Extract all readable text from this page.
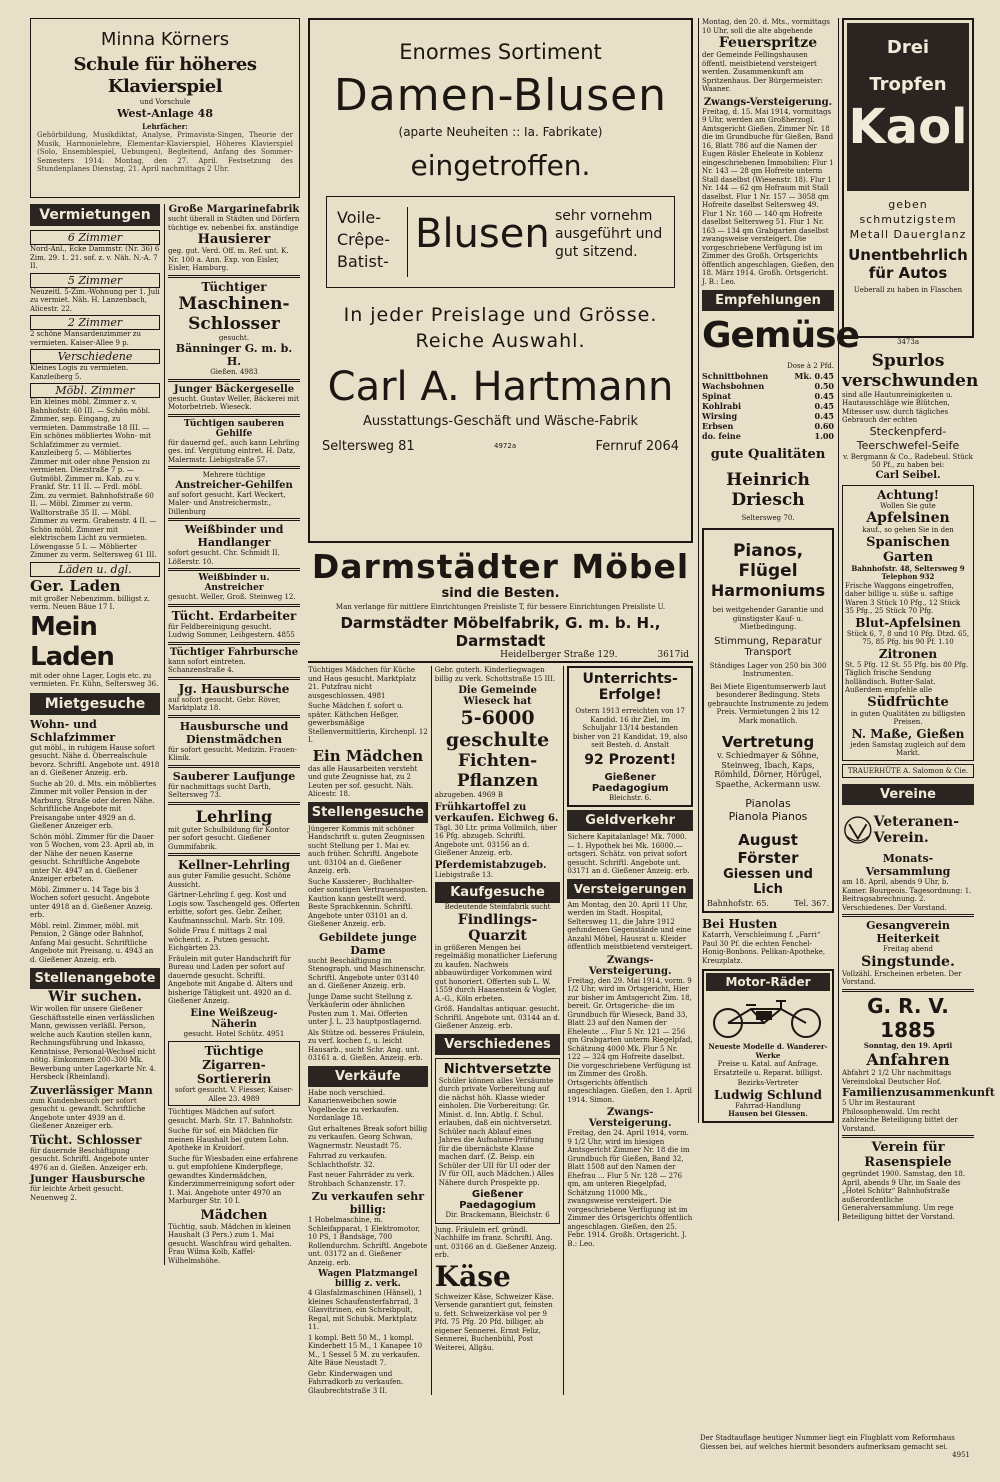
Minna Körners
Schule für höheres Klavierspiel
und Vorschule
West-Anlage 48
Lehrfächer:
Gehörbildung, Musikdiktat, Analyse, Primavista-Singen, Theorie der Musik, Harmonielehre, Elementar-Klavierspiel, Höheres Klavierspiel (Solo, Ensemblespiel, Uebungen), Begleitend, Anfang des Sommer-Semesters 1914: Montag, den 27. April. Festsetzung des Stundenplanes Dienstag, 21. April nachmittags 2 Uhr.
Vermietungen
6 Zimmer

Nord-Anl., Ecke Dammstr. (Nr. 36) 6 Zim. 29. 1. 21. sof. z. v. Näh. N.-A. 7 II.

5 Zimmer

Neuzeitl. 5-Zim.-Wohnung per 1. Juli zu vermiet. Näh. H. Lanzenbach, Alicestr. 22.

2 Zimmer

2 schöne Mansardenzimmer zu vermieten. Kaiser-Allee 9 p.

Verschiedene

Kleines Logis zu vermieten. Kanzleiberg 5.

Möbl. Zimmer

Ein kleines möbl. Zimmer z. v. Bahnhofstr. 60 III. — Schön möbl. Zimmer, sep. Eingang, zu vermieten. Dammstraße 18 III. — Ein schönes möbliertes Wohn- mit Schlafzimmer zu vermiet. Kanzleiberg 5. — Möbliertes Zimmer mit oder ohne Pension zu vermieten. Diezstraße 7 p. — Gutmöbl. Zimmer m. Kab. zu v. Frankf. Str. 11 II. — Frdl. möbl. Zim. zu vermiet. Bahnhofstraße 60 II. — Möbl. Zimmer zu verm. Walltorstraße 35 II. — Möbl. Zimmer zu verm. Grabenstr. 4 II. — Schön möbl. Zimmer mit elektrischem Licht zu vermieten. Löwengasse 5 I. — Möblierter Zimmer zu verm. Seltersweg 61 III.

Läden u. dgl.
Ger. Laden

mit großer Nebenzimm. billigst z. verm. Neuen Bäue 17 I.

Mein Laden

mit oder ohne Lager, Logis etc. zu vermieten. Fr. Kühn, Seltersweg 36.

Mietgesuche
Wohn- und Schlafzimmer

gut möbl., in ruhigem Hause sofort gesucht. Nähe d. Oberrealschule bevorz. Schriftl. Angebote unt. 4918 an d. Gießener Anzeig. erb.

Suche ab 20. d. Mts. ein möbliertes Zimmer mit voller Pension in der Marburg. Straße oder deren Nähe. Schriftliche Angebote mit Preisangabe unter 4929 an d. Gießener Anzeiger erb.

Schön möbl. Zimmer für die Dauer von 5 Wochen, vom 23. April ab, in der Nähe der neuen Kaserne gesucht. Schriftliche Angebote unter Nr. 4947 an d. Gießener Anzeiger erbeten.

Möbl. Zimmer u. 14 Tage bis 3 Wochen sofort gesucht. Angebote unter 4918 an d. Gießener Anzeig. erb.

Möbl. reinl. Zimmer, möbl. mit Pension, 2 Gänge oder Bahnhof, Anfang Mai gesucht. Schriftliche Angebote mit Preisang. u. 4943 an d. Gießener Anzeig. erb.

Stellenangebote
Wir suchen.

Wir wollen für unsere Gießener Geschäftsstelle einen verlässlichen Mann, gewissen verläßl. Person, welche auch Kaution stellen kann, Rechnungsführung und Inkasso, Kenntnisse, Personal-Wechsel nicht nötig. Einkommen 200–300 Mk. Bewerbung unter Lagerkarte Nr. 4. Hersbeck (Rheinland).

Zuverlässiger Mann

zum Kundenbesuch per sofort gesucht u. gewandt. Schriftliche Angebote unter 4939 an d. Gießener Anzeiger erb.

Tücht. Schlosser

für dauernde Beschäftigung gesucht. Schriftl. Angebote unter 4976 an d. Gießen. Anzeiger erb.

Junger Hausbursche

für leichte Arbeit gesucht. Neuenweg 2.

Große Margarinefabrik

sucht überall in Städten und Dörfern tüchtige ev. nebenbei fix. anständige

Hausierer

geg. gut. Verd. Off. m. Ref. unt. K. Nr. 100 a. Ann. Exp. von Eisler, Eisler, Hamburg.

Tüchtiger
Maschinen-Schlosser

gesucht.

Bänninger G. m. b. H.

Gießen. 4983

Junger Bäckergeselle

gesucht. Gustav Weller, Bäckerei mit Motorbetrieb. Wieseck.

Tüchtigen sauberen Gehilfe

für dauernd gef., auch kann Lehrling ges. inf. Vergütung eintret. H. Datz, Malermstr. Liebigstraße 57.

Mehrere tüchtige

Anstreicher-Gehilfen

auf sofort gesucht. Karl Weckert, Maler- und Anstreichermstr., Dillenburg

Weißbinder und Handlanger

sofort gesucht. Chr. Schmidt II, Lößerstr. 10.

Weißbinder u. Anstreicher

gesucht. Weller, Groß. Steinweg 12.

Tücht. Erdarbeiter

für Feldbereinigung gesucht. Ludwig Sommer, Leihgestern. 4855

Tüchtiger Fahrbursche

kann sofort eintreten. Schanzenstraße 4.

Jg. Hausbursche

auf sofort gesucht. Gebr. Röver, Marktplatz 18.

Hausbursche und Dienstmädchen

für sofort gesucht. Medizin. Frauen-Klinik.

Sauberer Laufjunge

für nachmittags sucht Darth, Seltersweg 73.

Lehrling

mit guter Schulbildung für Kontor per sofort gesucht. Gießener Gummifabrik.

Kellner-Lehrling

aus guter Familie gesucht. Schöne Aussicht.

Gärtner-Lehrling f. geg. Kost und Logis sow. Taschengeld ges. Offerten erbitte, sofort ges. Gebr. Zeiher, Kaufmannsschul. Marb. Str. 109.

Solide Frau f. mittags 2 mal wöchentl. z. Putzen gesucht. Eichgärten 23.

Fräulein mit guter Handschrift für Bureau und Laden per sofort auf dauernde gesucht. Schriftl. Angebote mit Angabe d. Alters und bisherige Tätigkeit unt. 4920 an d. Gießener Anzeig.

Eine Weißzeug-Näherin

gesucht. Hotel Schütz. 4951

Tüchtige Zigarren-Sortiererin

sofort gesucht. V. Fiesser, Kaiser-Allee 23. 4989

Tüchtiges Mädchen auf sofort gesucht. Marb. Str. 17. Bahnhofstr.

Suche für sof. ein Mädchen für meinen Haushalt bei gutem Lohn. Apotheke in Kroidorf.

Suche für Wiesbaden eine erfahrene u. gut empfohlene Kinderpflege, gewandtes Kindermädchen, Kinderzimmerreinigung sofort oder 1. Mai. Angebote unter 4970 an Marburger Str. 10 I.

Mädchen

Tüchtig, saub. Mädchen in kleinen Haushalt (3 Pers.) zum 1. Mai gesucht. Waschfrau wird gehalten. Frau Wilma Kolb, Kaffel-Wilhelmshöhe.

Enormes Sortiment
Damen-Blusen
(aparte Neuheiten :: Ia. Fabrikate)
eingetroffen.
Voile-
Crêpe-
Batist-
Blusen sehr vornehm ausgeführt und gut sitzend.
In jeder Preislage und Grösse.
Reiche Auswahl.
Carl A. Hartmann
Ausstattungs-Geschäft und Wäsche-Fabrik
Seltersweg 81	4972a	Fernruf 2064
Darmstädter Möbel
sind die Besten.
Man verlange für mittlere Einrichtungen Preisliste T, für bessere Einrichtungen Preisliste U.
Darmstädter Möbelfabrik, G. m. b. H., Darmstadt
Heidelberger Straße 129.	3617id

Tüchtiges Mädchen für Küche und Haus gesucht. Marktplatz 21. Putzfrau nicht ausgeschlossen. 4981

Suche Mädchen f. sofort u. später. Käthchen Heßger, gewerbsmäßige Stellenvermittlerin, Kirchenpl. 12 I.

Ein Mädchen

das alle Hausarbeiten versteht und gute Zeugnisse hat, zu 2 Leuten per sof. gesucht. Näh. Alicestr. 18.

Stellengesuche

Jüngerer Kommis mit schöner Handschrift u. guten Zeugnissen sucht Stellung per 1. Mai ev. auch früher. Schriftl. Angebote unt. 03104 an d. Gießener Anzeig. erb.

Suche Kassierer-, Buchhalter- oder sonstigen Vertrauensposten. Kaution kann gestellt werd. Beste Sprachkennin. Schriftl. Angebote unter 03101 an d. Gießener Anzeig. erb.

Gebildete junge Dame

sucht Beschäftigung im Stenograph. und Maschinenschr. Schriftl. Angebote unter 03140 an d. Gießener Anzeig. erb.

Junge Dame sucht Stellung z. Verkäuferin oder ähnlichen Posten zum 1. Mai. Offerten unter J. L. 23 hauptpostlagernd.

Als Stütze od. besseres Fräulein, zu verf. kochen f., u. leicht Hausarb., sucht Schr. Ang. unt. 03161 a. d. Gießen. Anzeig. erb.

Verkäufe

Habe noch verschied. Kanarienweibchen sowie Vogelbecke zu verkaufen. Nordanlage 18.

Gut erhaltenes Break sofort billig zu verkaufen. Georg Schwan, Wagnermstr. Neustadt 75.

Fahrrad zu verkaufen. Schlachthofstr. 32.

Fast neuer Fahrräder zu verk. Strohbach Schanzenstr. 17.

Zu verkaufen sehr billig:

1 Hobelmaschine, m. Schleifapparat, 1 Elektromotor, 10 PS, 1 Bandsäge, 700 Rollendurchm. Schriftl. Angebote unt. 03172 an d. Gießener Anzeig. erb.

Wagen Platzmangel billig z. verk.

4 Glasfalzmaschinen (Hänsel), 1 kleines Schaufensterfahrrad, 3 Glasvitrinen, ein Schreibpult, Regal, mit Schubk. Marktplatz 11.

1 kompl. Bett 50 M., 1 kompl. Kinderbett 15 M., 1 Kanapee 10 M., 1 Sessel 5 M. zu verkaufen. Alte Bäue Neustadt 7.

Gebr. Kinderwagen und Fahrradkorb zu verkaufen. Glaubrechtstraße 3 II.

Gebr. guterh. Kinderliegwagen billig zu verk. Schottstraße 15 III.

Die Gemeinde Wieseck hat
5-6000 geschulte
Fichten-Pflanzen

abzugeben. 4969 B

Frühkartoffel zu verkaufen. Eichweg 6.

Tägl. 30 Ltr. prima Vollmilch, über 16 Pfg. abzugeb. Schriftl. Angebote unt. 03156 an d. Gießener Anzeig. erb.

Pferdemistabzugeb.

Liebigstraße 13.

Kaufgesuche

Bedeutende Steinfabrik sucht

Findlings-Quarzit

in größeren Mengen bei regelmäßig monatlicher Lieferung zu kaufen. Nachweis abbauwürdiger Vorkommen wird gut honoriert. Offerten sub L. W. 1559 durch Haasenstein & Vogler, A.-G., Köln erbeten.

Größ. Handaltas antiquar. gesucht. Schriftl. Angebote unt. 03144 an d. Gießener Anzeig. erb.

Verschiedenes
Nichtversetzte

Schüler können alles Versäumte durch private Vorbereitung auf die nächst höh. Klasse wieder einholen. Die Vorbereitung: Gr. Minist. d. Inn. Abtlg. f. Schul. erlauben, daß ein nichtversetzt. Schüler nach Ablauf eines Jahres die Aufnahme-Prüfung für die übernächste Klasse machen darf. (Z. Beisp. ein Schüler der UII für UI oder der IV für OII, auch Mädchen.) Alles Nähere durch Prospekte pp.

Gießener Paedagogium

Dir. Brackemann, Bleichstr. 6

Jung. Fräulein erf. gründl. Nachhilfe im franz. Schriftl. Ang. unt. 03166 an d. Gießener Anzeig. erb.

Käse

Schweizer Käse, Schweizer Käse. Versende garantiert gut, feinsten u. fett. Schweizerkäse vol per 9 Pfd. 75 Pfg. 20 Pfd. billiger, ab eigener Sennerei. Ernst Feliz, Sennerei, Buchenbühl, Post Weiterei, Allgäu.

Unterrichts-Erfolge!

Ostern 1913 erreichten von 17 Kandid. 16 ihr Ziel, im Schuljahr 13/14 bestanden bisher von 21 Kandidat. 19, also seit Besteh. d. Anstalt

92 Prozent!
Gießener Paedagogium

Bleichstr. 6.

Geldverkehr

Sichere Kapitalanlage! Mk. 7000.— 1. Hypothek bei Mk. 16000.— ortsgeri. Schätz. von privat sofort gesucht. Schriftl. Angebote unt. 03171 an d. Gießener Anzeig. erb.

Versteigerungen

Am Montag, den 20. April 11 Uhr, werden im Stadt. Hospital, Seltersweg 11, die Jahre 1912 gefundenen Gegenstände und eine Anzahl Möbel, Hausrat u. Kleider öffentlich meistbietend versteigert.

Zwangs-Versteigerung.

Freitag, den 29. Mai 1914, vorm. 9 1/2 Uhr, wird im Ortsgericht, Hier zur bisher im Amtsgericht Zim. 18, bereit. Gr. Ortsgeriche- die im Grundbuch für Wieseck, Band 33, Blatt 23 auf den Namen der Eheleute ... Flur 5 Nr. 121 — 256 qm Grabgarten unterm Riegelpfad, Schätzung 4000 Mk. Flur 5 Nr. 122 — 324 qm Hofreite daselbst. Die vorgeschriebene Verfügung ist im Zimmer des Großh. Ortsgerichts öffentlich angeschlagen. Gießen, den 1. April 1914. Simon.

Zwangs-Versteigerung.

Freitag, den 24. April 1914, vorm. 9 1/2 Uhr, wird im hiesigen Amtsgericht Zimmer Nr. 18 die im Grundbuch für Gießen, Band 32, Blatt 1508 auf den Namen der Ehefrau ... Flur 5 Nr. 128 — 276 qm, am unteren Riegelpfad, Schätzung 11000 Mk., zwangsweise versteigert. Die vorgeschriebene Verfügung ist im Zimmer des Ortsgerichts öffentlich angeschlagen. Gießen, den 25. Febr. 1914. Großh. Ortsgericht. J. B.: Leo.

Montag, den 20. d. Mts., vormittags 10 Uhr, soll die alte abgehende

Feuerspritze

der Gemeinde Fellingshausen öffentl. meistbietend versteigert werden. Zusammenkunft am Spritzenhaus. Der Bürgermeister: Waaner.

Zwangs-Versteigerung.

Freitag, d. 15. Mai 1914, vormittags 9 Uhr, werden am Großherzogl. Amtsgericht Gießen, Zimmer Nr. 18 die im Grundbuche für Gießen, Band 16, Blatt 786 auf die Namen der Eugen Rösler Eheleute in Koblenz eingeschriebenen Immobilien: Flur 1 Nr. 143 — 28 qm Hofreite unterm Stall daselbst (Wiesenstr. 18). Flur 1 Nr. 144 — 62 qm Hofraum mit Stall daselbst. Flur 1 Nr. 157 — 3058 qm Hofreite daselbst Seltersweg 49. Flur 1 Nr. 160 — 140 qm Hofreite daselbst Seltersweg 51. Flur 1 Nr. 163 — 134 qm Grabgarten daselbst zwangsweise versteigert. Die vorgeschriebene Verfügung ist im Zimmer des Großh. Ortsgerichts öffentlich angeschlagen. Gießen, den 18. März 1914. Großh. Ortsgericht. J. B.: Leo.

Empfehlungen
Gemüse
Dose à 2 Pfd.
Schnittbohnen	Mk. 0.45
Wachsbohnen	0.50
Spinat	0.45
Kohlrabi	0.45
Wirsing	0.45
Erbsen	0.60
do. feine	1.00
gute Qualitäten
Heinrich Driesch

Seltersweg 70.

Pianos, Flügel
Harmoniums

bei weitgehender Garantie und günstigster Kauf- u. Mietbedingung.

Stimmung, Reparatur Transport

Ständiges Lager von 250 bis 300 Instrumenten.

Bei Miete Eigentumserwerb laut besonderer Bedingung. Stets gebrauchte Instrumente zu jedem Preis. Vermietungen 2 bis 12 Mark monatlich.

Vertretung

v. Schiedmayer & Söhne, Steinweg, Ibach, Kaps, Römhild, Dörner, Hörügel, Spaethe, Ackermann usw.

Pianolas
Pianola Pianos
August Förster
Giessen und Lich
Bahnhofstr. 65.	Tel. 367.
Bei Husten

Katarrh, Verschleimung f. „Farri“ Paul 30 Pf. die echten Fenchel-Honig-Bonbons. Pelikan-Apotheke, Kreuzplatz.

Motor-Räder

Neueste Modelle d. Wanderer-Werke

Preise u. Katal. auf Anfrage. Ersatzteile u. Reparat. billigst.

Bezirks-Vertreter

Ludwig Schlund

Fahrrad-Handlung

Hausen bei Giessen.

Drei
Tropfen
Kaol
geben schmutzigstem Metall Dauerglanz
Unentbehrlich
für Autos
Ueberall zu haben in Flaschen

3473a

Spurlos verschwunden

sind alle Hautunreinigkeiten u. Hautausschläge wie Blütchen, Mitesser usw. durch tägliches Gebrauch der echten

Steckenpferd-Teerschwefel-Seife

v. Bergmann & Co., Radebeul. Stück 50 Pf., zu haben bei:

Carl Seibel.
Achtung!

Wollen Sie gute

Apfelsinen

kauf., so gehen Sie in den

Spanischen Garten

Bahnhofstr. 48, Seltersweg 9

Telephon 932

Frische Waggons eingetroffen, daher billige u. süße u. saftige Waren 3 Stück 10 Pfg., 12 Stück 35 Pfg., 25 Stück 70 Pfg.

Blut-Apfelsinen

Stück 6, 7, 8 und 10 Pfg. Dtzd. 65, 75, 85 Pfg. bis 90 Pf. 1.10

Zitronen

St. 5 Pfg. 12 St. 55 Pfg. bis 80 Pfg. Täglich frische Sendung holländisch. Butter-Salat. Außerdem empfehle alle

Südfrüchte

in guten Qualitäten zu billigsten Preisen.

N. Maße, Gießen

jeden Samstag zugleich auf dem Markt.

TRAUERHÜTE A. Salomon & Cie.
Vereine
Veteranen-Verein.
Monats-Versammlung

am 18. April, abends 9 Uhr, b. Kamer. Bourgeois. Tagesordnung: 1. Beitragsabrechnung. 2. Verschiedenes. Der Vorstand.

Gesangverein Heiterkeit

Freitag abend

Singstunde.

Vollzähl. Erscheinen erbeten. Der Vorstand.

G. R. V. 1885

Sonntag, den 19. April

Anfahren

Abfahrt 2 1/2 Uhr nachmittags Vereinslokal Deutscher Hof.

Familienzusammenkunft

5 Uhr im Restaurant Philosophenwald. Um recht zahlreiche Beteiligung bittet der Vorstand.

Verein für Rasenspiele

gegründet 1900. Samstag, den 18. April, abends 9 Uhr, im Saale des „Hotel Schütz“ Bahnhofstraße außerordentliche Generalversammlung. Um rege Beteiligung bittet der Vorstand.

Der Stadtauflage heutiger Nummer liegt ein Flugblatt vom Reformhaus Giessen bei, auf welches hiermit besonders aufmerksam gemacht sei.

4951
